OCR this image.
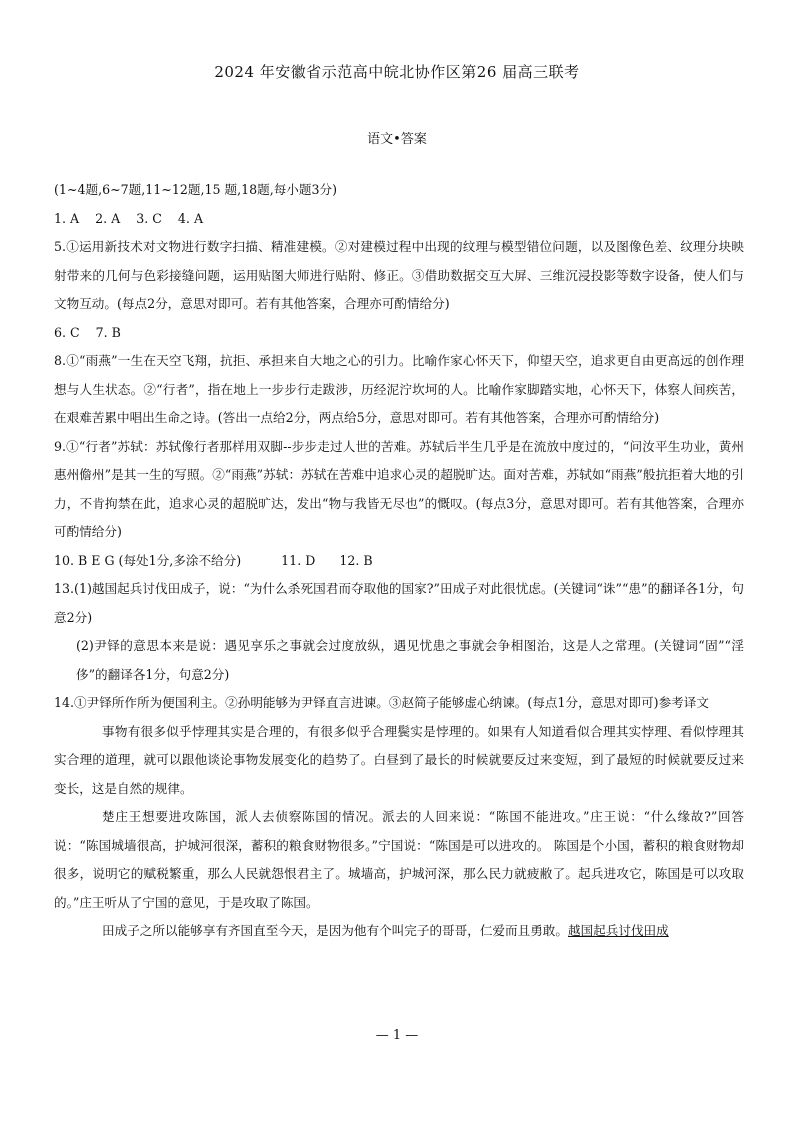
2024 年安徽省示范高中皖北协作区第26 届高三联考
语文•答案

(1~4题,6~7题,11~12题,15 题,18题,每小题3分)

1. A    2. A    3. C    4. A

5.①运用新技术对文物进行数字扫描、精准建模。②对建模过程中出现的纹理与模型错位问题，以及图像色差、纹理分块映射带来的几何与色彩接缝问题，运用贴图大师进行贴附、修正。③借助数据交互大屏、三维沉浸投影等数字设备，使人们与文物互动。(每点2分，意思对即可。若有其他答案，合理亦可酌情给分)

6. C    7. B

8.①“雨燕”一生在天空飞翔，抗拒、承担来自大地之心的引力。比喻作家心怀天下，仰望天空，追求更自由更高远的创作理想与人生状态。②“行者”，指在地上一步步行走跋涉，历经泥泞坎坷的人。比喻作家脚踏实地，心怀天下，体察人间疾苦，在艰难苦累中唱出生命之诗。(答出一点给2分，两点给5分，意思对即可。若有其他答案，合理亦可酌情给分)

9.①“行者”苏轼：苏轼像行者那样用双脚--步步走过人世的苦难。苏轼后半生几乎是在流放中度过的，“问汝平生功业，黄州惠州儋州”是其一生的写照。②“雨燕”苏轼：苏轼在苦难中追求心灵的超脱旷达。面对苦难，苏轼如“雨燕”般抗拒着大地的引力，不肯拘禁在此，追求心灵的超脱旷达，发出“物与我皆无尽也”的慨叹。(每点3分，意思对即可。若有其他答案，合理亦可酌情给分)

10. B E G (每处1分,多涂不给分)          11. D      12. B

13.(1)越国起兵讨伐田成子，说：“为什么杀死国君而夺取他的国家?”田成子对此很忧虑。(关键词“诛”“患”的翻译各1分，句意2分)

(2)尹铎的意思本来是说：遇见享乐之事就会过度放纵，遇见忧患之事就会争相图治，这是人之常理。(关键词“固”“淫侈”的翻译各1分，句意2分)

14.①尹铎所作所为便国利主。②孙明能够为尹铎直言进谏。③赵简子能够虚心纳谏。(每点1分，意思对即可)参考译文

事物有很多似乎悖理其实是合理的，有很多似乎合理鬓实是悖理的。如果有人知道看似合理其实悖理、看似悖理其实合理的道理，就可以跟他谈论事物发展变化的趋势了。白昼到了最长的时候就要反过来变短，到了最短的时候就要反过来变长，这是自然的规律。

楚庄王想要进攻陈国，派人去侦察陈国的情况。派去的人回来说：“陈国不能进攻。”庄王说：“什么缘故?”回答说：“陈国城墙很高，护城河很深，蓄积的粮食财物很多。”宁国说：“陈国是可以进攻的。 陈国是个小国，蓄积的粮食财物却很多，说明它的赋税繁重，那么人民就怨恨君主了。城墙高，护城河深，那么民力就疲敝了。起兵进攻它，陈国是可以攻取的。”庄王听从了宁国的意见，于是攻取了陈国。

田成子之所以能够享有齐国直至今天，是因为他有个叫完子的哥哥，仁爱而且勇敢。越国起兵讨伐田成

— 1 —
